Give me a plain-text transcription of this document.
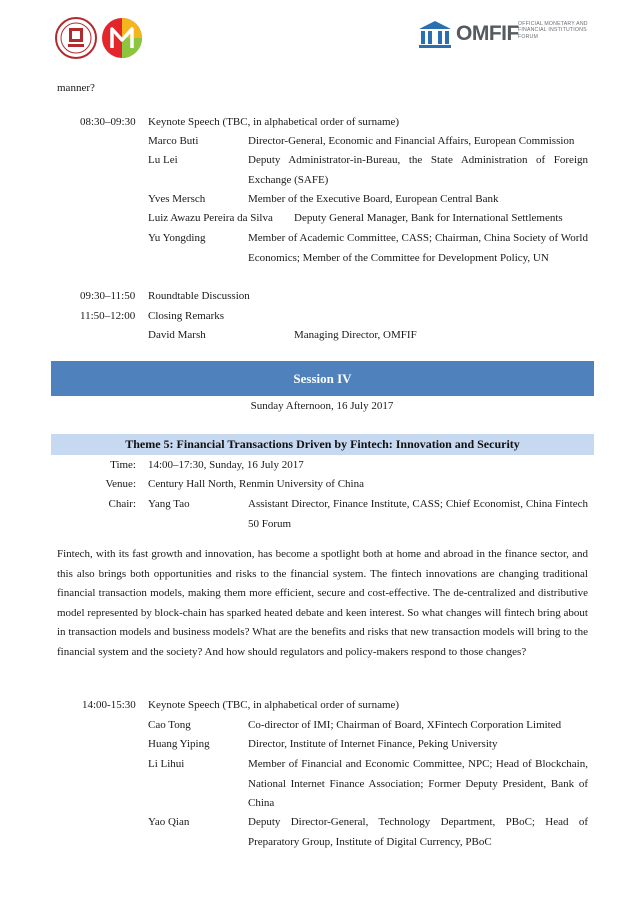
OMFIF OFFICIAL MONETARY AND FINANCIAL INSTITUTIONS FORUM
manner?
08:30–09:30 Keynote Speech (TBC, in alphabetical order of surname)
Marco Buti	Director-General, Economic and Financial Affairs, European Commission
Lu Lei	Deputy Administrator-in-Bureau, the State Administration of Foreign Exchange (SAFE)
Yves Mersch	Member of the Executive Board, European Central Bank
Luiz Awazu Pereira da Silva Deputy General Manager, Bank for International Settlements
Yu Yongding	Member of Academic Committee, CASS; Chairman, China Society of World Economics; Member of the Committee for Development Policy, UN
09:30–11:50 Roundtable Discussion
11:50–12:00 Closing Remarks
David Marsh	Managing Director, OMFIF
Session IV
Sunday Afternoon, 16 July 2017
Theme 5: Financial Transactions Driven by Fintech: Innovation and Security
Time: 14:00–17:30, Sunday, 16 July 2017
Venue: Century Hall North, Renmin University of China
Chair: Yang Tao	Assistant Director, Finance Institute, CASS; Chief Economist, China Fintech 50 Forum
Fintech, with its fast growth and innovation, has become a spotlight both at home and abroad in the finance sector, and this also brings both opportunities and risks to the financial system. The fintech innovations are changing traditional financial transaction models, making them more efficient, secure and cost-effective. The de-centralized and distributive model represented by block-chain has sparked heated debate and keen interest. So what changes will fintech bring about in transaction models and business models? What are the benefits and risks that new transaction models will bring to the financial system and the society? And how should regulators and policy-makers respond to those changes?
14:00-15:30 Keynote Speech (TBC, in alphabetical order of surname)
Cao Tong	Co-director of IMI; Chairman of Board, XFintech Corporation Limited
Huang Yiping	Director, Institute of Internet Finance, Peking University
Li Lihui	Member of Financial and Economic Committee, NPC; Head of Blockchain, National Internet Finance Association; Former Deputy President, Bank of China
Yao Qian	Deputy Director-General, Technology Department, PBoC; Head of Preparatory Group, Institute of Digital Currency, PBoC
